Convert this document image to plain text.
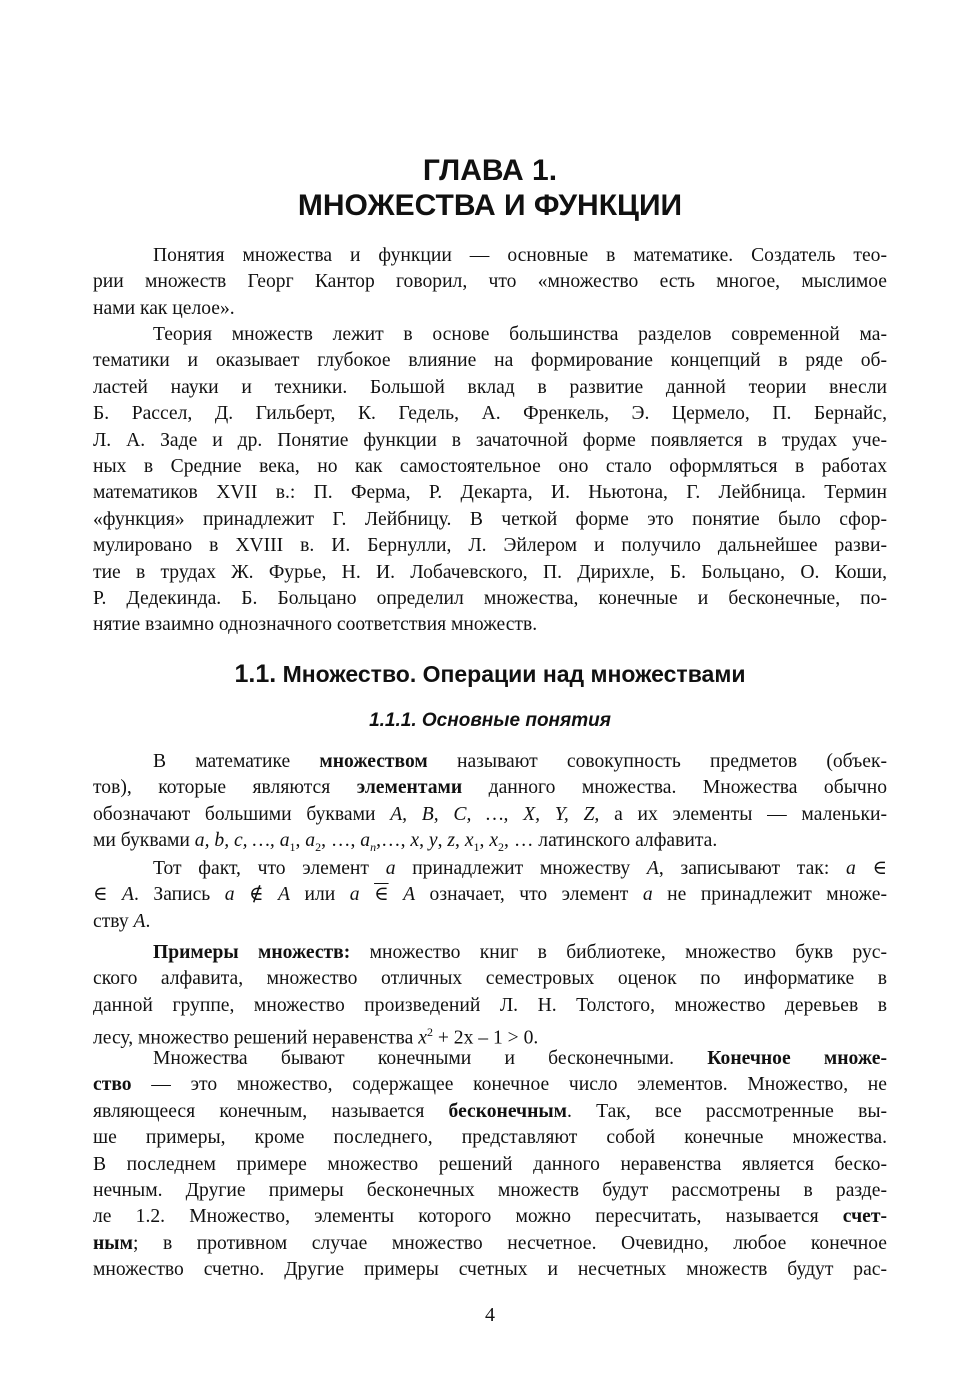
ГЛАВА 1.
МНОЖЕСТВА И ФУНКЦИИ
Понятия множества и функции — основные в математике. Создатель тео-
рии множеств Георг Кантор говорил, что «множество есть многое, мыслимое
нами как целое».
Теория множеств лежит в основе большинства разделов современной ма-
тематики и оказывает глубокое влияние на формирование концепций в ряде об-
ластей науки и техники. Большой вклад в развитие данной теории внесли
Б. Рассел, Д. Гильберт, К. Гедель, А. Френкель, Э. Цермело, П. Бернайс,
Л. А. Заде и др. Понятие функции в зачаточной форме появляется в трудах уче-
ных в Средние века, но как самостоятельное оно стало оформляться в работах
математиков XVII в.: П. Ферма, Р. Декарта, И. Ньютона, Г. Лейбница. Термин
«функция» принадлежит Г. Лейбницу. В четкой форме это понятие было сфор-
мулировано в XVIII в. И. Бернулли, Л. Эйлером и получило дальнейшее разви-
тие в трудах Ж. Фурье, Н. И. Лобачевского, П. Дирихле, Б. Больцано, О. Коши,
Р. Дедекинда. Б. Больцано определил множества, конечные и бесконечные, по-
нятие взаимно однозначного соответствия множеств.
1.1. Множество. Операции над множествами
1.1.1. Основные понятия
В математике множеством называют совокупность предметов (объек-
тов), которые являются элементами данного множества. Множества обычно
обозначают большими буквами A, B, C, …, X, Y, Z, а их элементы — маленьки-
ми буквами a, b, c, …, $a_1$, $a_2$, …, $a_n,\dots$, x, y, z, $x_1$, $x_2$, … латинского алфавита.
Тот факт, что элемент a принадлежит множеству A, записывают так: a ∈
∈ A. Запись a ∉ A или a ∈ A означает, что элемент a не принадлежит множе-
ству A.
Примеры множеств: множество книг в библиотеке, множество букв рус-
ского алфавита, множество отличных семестровых оценок по информатике в
данной группе, множество произведений Л. Н. Толстого, множество деревьев в
лесу, множество решений неравенства $x^2 + 2x - 1 > 0$.
Множества бывают конечными и бесконечными. Конечное множе-
ство — это множество, содержащее конечное число элементов. Множество, не
являющееся конечным, называется бесконечным. Так, все рассмотренные вы-
ше примеры, кроме последнего, представляют собой конечные множества.
В последнем примере множество решений данного неравенства является беско-
нечным. Другие примеры бесконечных множеств будут рассмотрены в разде-
ле 1.2. Множество, элементы которого можно пересчитать, называется счет-
ным; в противном случае множество несчетное. Очевидно, любое конечное
множество счетно. Другие примеры счетных и несчетных множеств будут рас-
4
